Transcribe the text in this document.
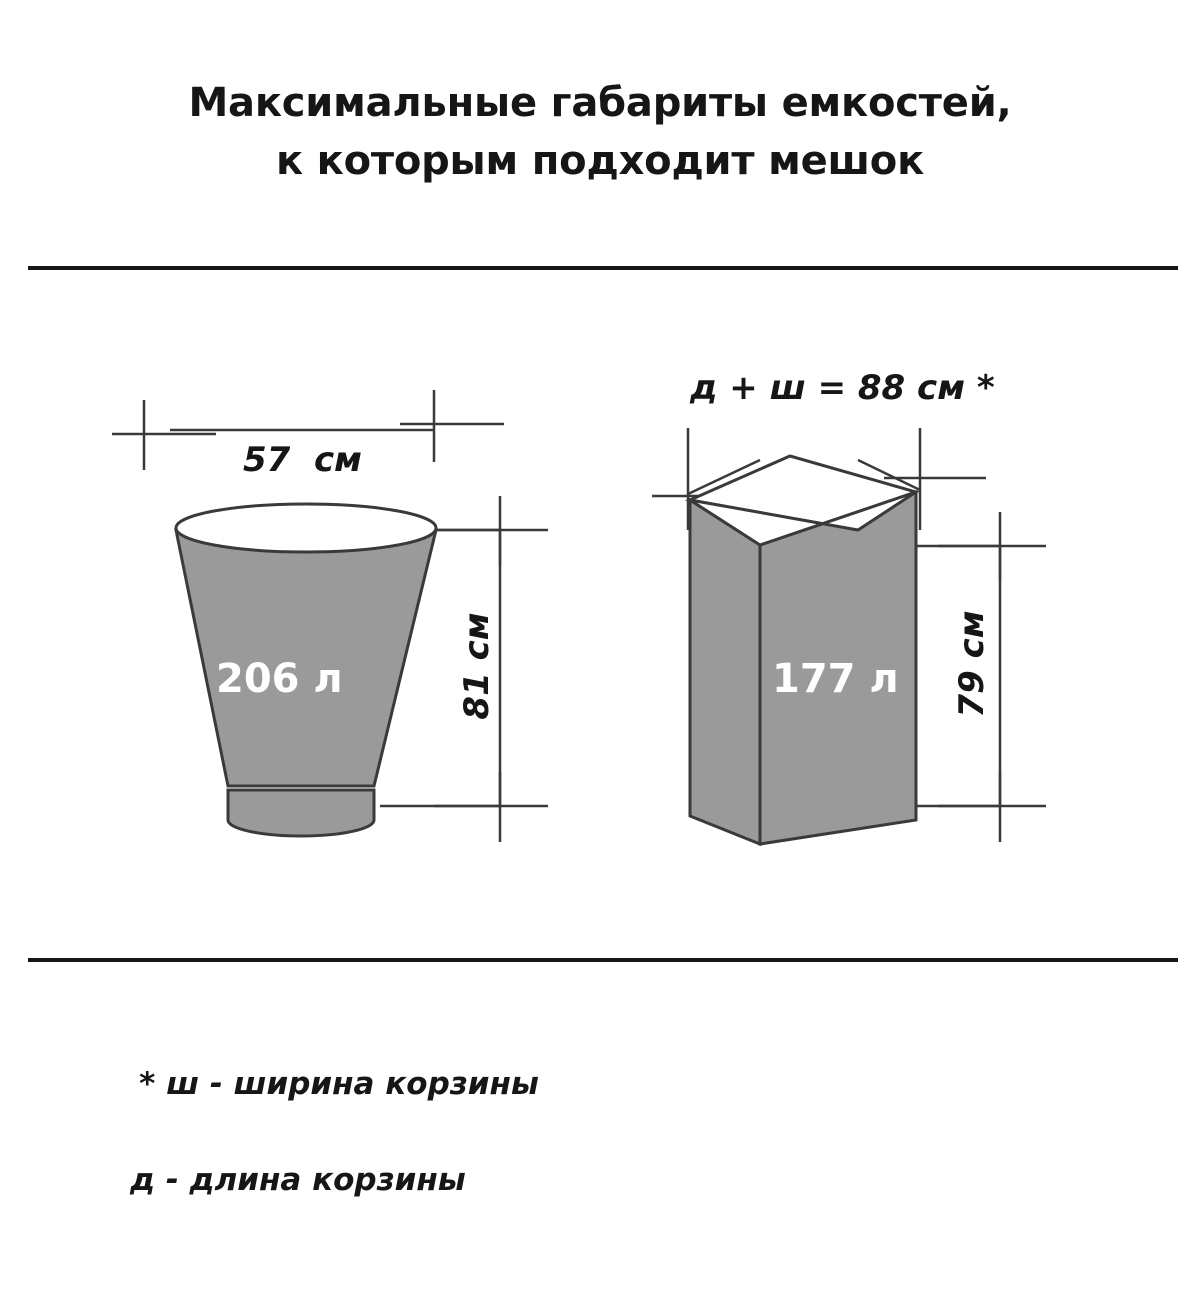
Максимальные габариты емкостей,
к которым подходит мешок
57  см
81 см
206 л
д + ш = 88 см *
79 см
177 л

* ш - ширина корзины

д - длина корзины
